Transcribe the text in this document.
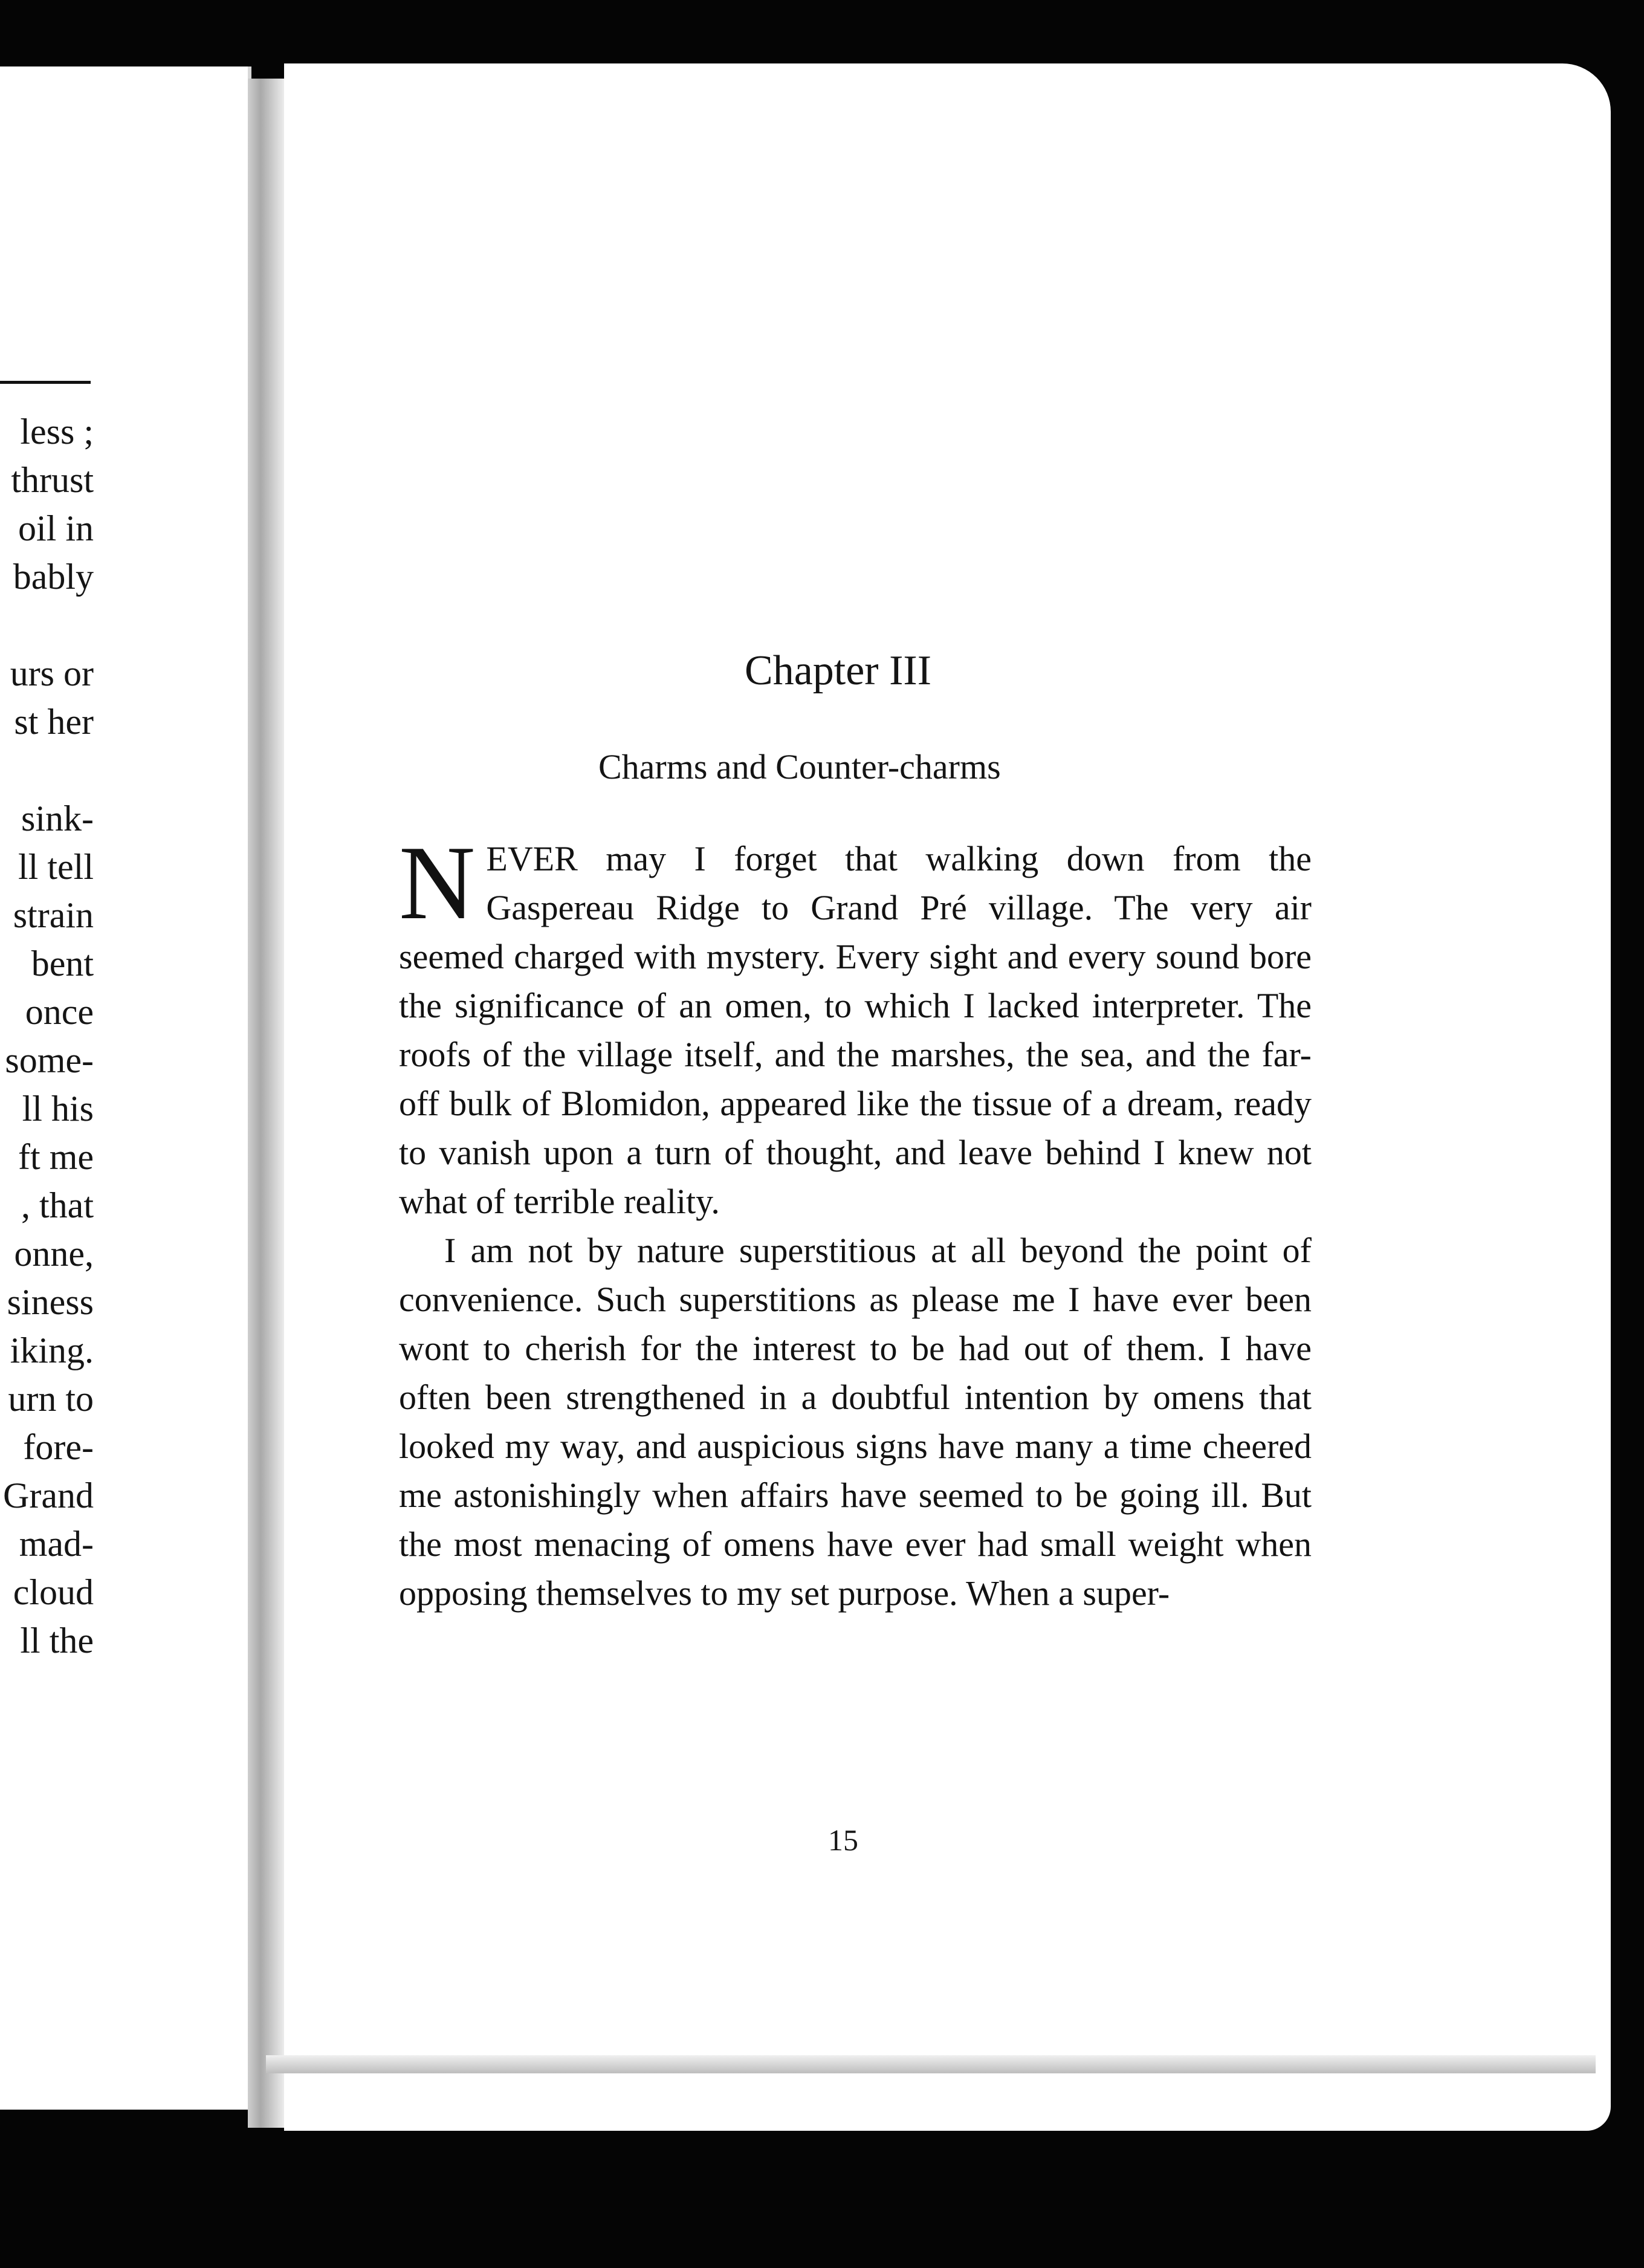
less ;
thrust
oil in
bably
urs or
st her
sink-
ll tell
strain
bent
once
some-
ll his
ft me
, that
onne,
siness
iking.
urn to
fore-
Grand
mad-
cloud
ll the
Chapter III
Charms and Counter-charms

NEVER may I forget that walking down from the Gaspereau Ridge to Grand Pré village. The very air seemed charged with mystery. Every sight and every sound bore the significance of an omen, to which I lacked interpreter. The roofs of the village itself, and the marshes, the sea, and the far-off bulk of Blomidon, appeared like the tissue of a dream, ready to vanish upon a turn of thought, and leave behind I knew not what of terrible reality.

I am not by nature superstitious at all beyond the point of convenience. Such superstitions as please me I have ever been wont to cherish for the interest to be had out of them. I have often been strengthened in a doubtful intention by omens that looked my way, and auspicious signs have many a time cheered me astonishingly when affairs have seemed to be going ill. But the most menacing of omens have ever had small weight when opposing themselves to my set purpose. When a super-

15
